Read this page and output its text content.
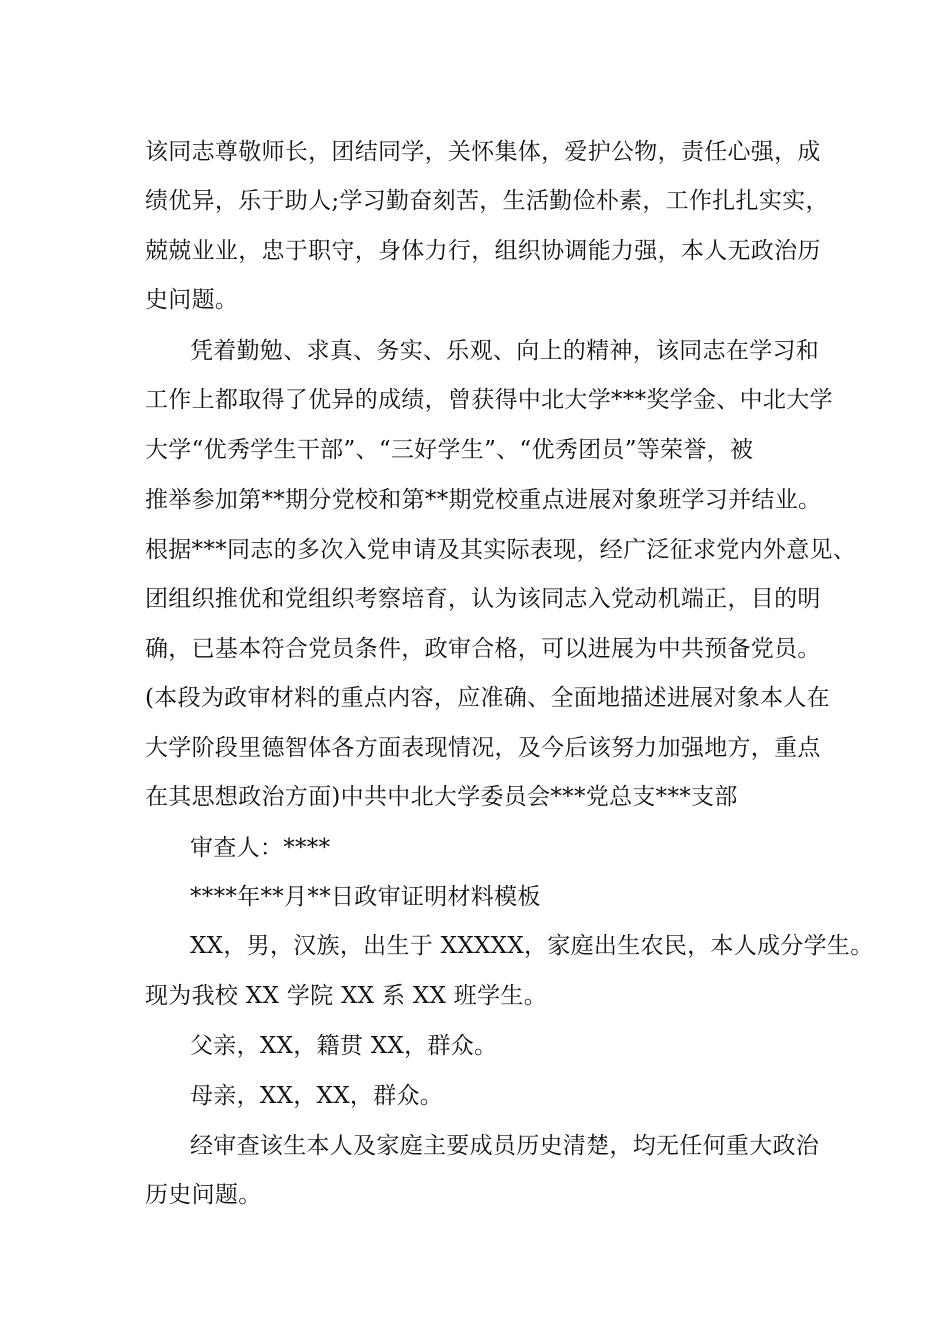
该同志尊敬师长，团结同学，关怀集体，爱护公物，责任心强，成

绩优异，乐于助人;学习勤奋刻苦，生活勤俭朴素，工作扎扎实实，

兢兢业业，忠于职守，身体力行，组织协调能力强，本人无政治历

史问题。

凭着勤勉、求真、务实、乐观、向上的精神，该同志在学习和

工作上都取得了优异的成绩，曾获得中北大学***奖学金、中北大学

大学“优秀学生干部”、“三好学生”、“优秀团员”等荣誉，被

推举参加第**期分党校和第**期党校重点进展对象班学习并结业。

根据***同志的多次入党申请及其实际表现，经广泛征求党内外意见、

团组织推优和党组织考察培育，认为该同志入党动机端正，目的明

确，已基本符合党员条件，政审合格，可以进展为中共预备党员。

(本段为政审材料的重点内容，应准确、全面地描述进展对象本人在

大学阶段里德智体各方面表现情况，及今后该努力加强地方，重点

在其思想政治方面)中共中北大学委员会***党总支***支部

审查人：****

****年**月**日政审证明材料模板

XX，男，汉族，出生于 XXXXX，家庭出生农民，本人成分学生。

现为我校 XX 学院 XX 系 XX 班学生。

父亲，XX，籍贯 XX，群众。

母亲，XX，XX，群众。

经审查该生本人及家庭主要成员历史清楚，均无任何重大政治

历史问题。
